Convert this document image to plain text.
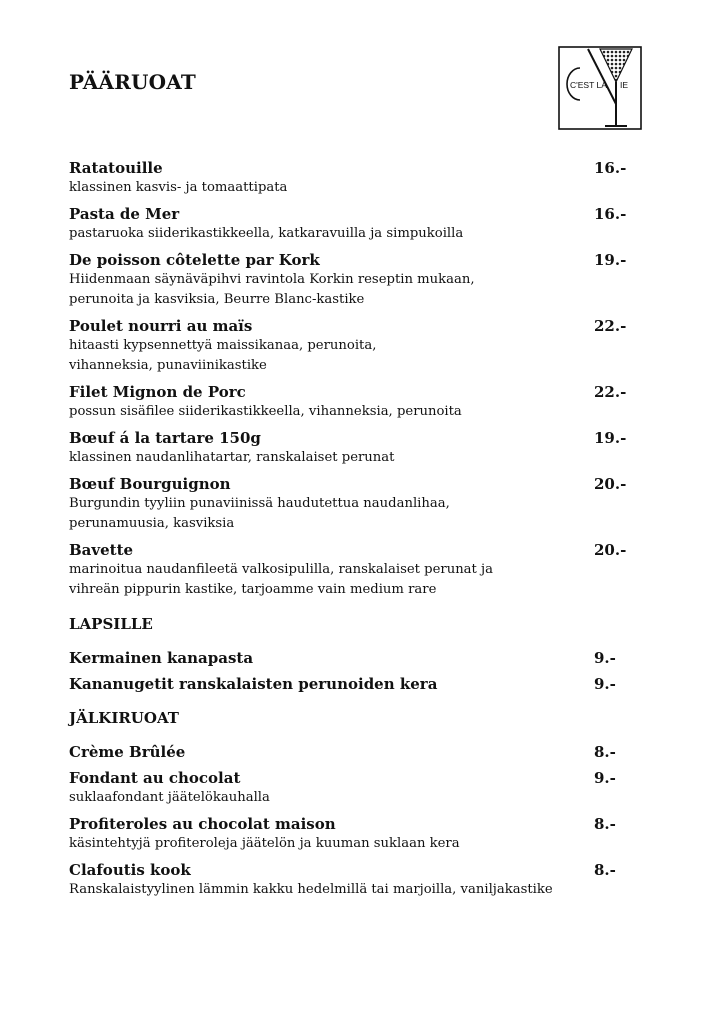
PÄÄRUOAT	C'EST LA IE
Ratatouille	16.-
klassinen kasvis- ja tomaattipata
Pasta de Mer	16.-
pastaruoka siiderikastikkeella, katkaravuilla ja simpukoilla
De poisson côtelette par Kork	19.-
Hiidenmaan säynäväpihvi ravintola Korkin reseptin mukaan,
perunoita ja kasviksia, Beurre Blanc-kastike
Poulet nourri au maïs	22.-
hitaasti kypsennettyä maissikanaa, perunoita,
vihanneksia, punaviinikastike
Filet Mignon de Porc	22.-
possun sisäfilee siiderikastikkeella, vihanneksia, perunoita
Bœuf á la tartare 150g	19.-
klassinen naudanlihatartar, ranskalaiset perunat
Bœuf Bourguignon	20.-
Burgundin tyyliin punaviinissä haudutettua naudanlihaa,
perunamuusia, kasviksia
Bavette	20.-
marinoitua naudanfileetä valkosipulilla, ranskalaiset perunat ja
vihreän pippurin kastike, tarjoamme vain medium rare
LAPSILLE
Kermainen kanapasta	9.-
Kananugetit ranskalaisten perunoiden kera	9.-
JÄLKIRUOAT
Crème Brûlée	8.-
Fondant au chocolat	9.-
suklaafondant jäätelökauhalla
Profiteroles au chocolat maison	8.-
käsintehtyjä profiteroleja jäätelön ja kuuman suklaan kera
Clafoutis kook	8.-
Ranskalaistyylinen lämmin kakku hedelmillä tai marjoilla, vaniljakastike
